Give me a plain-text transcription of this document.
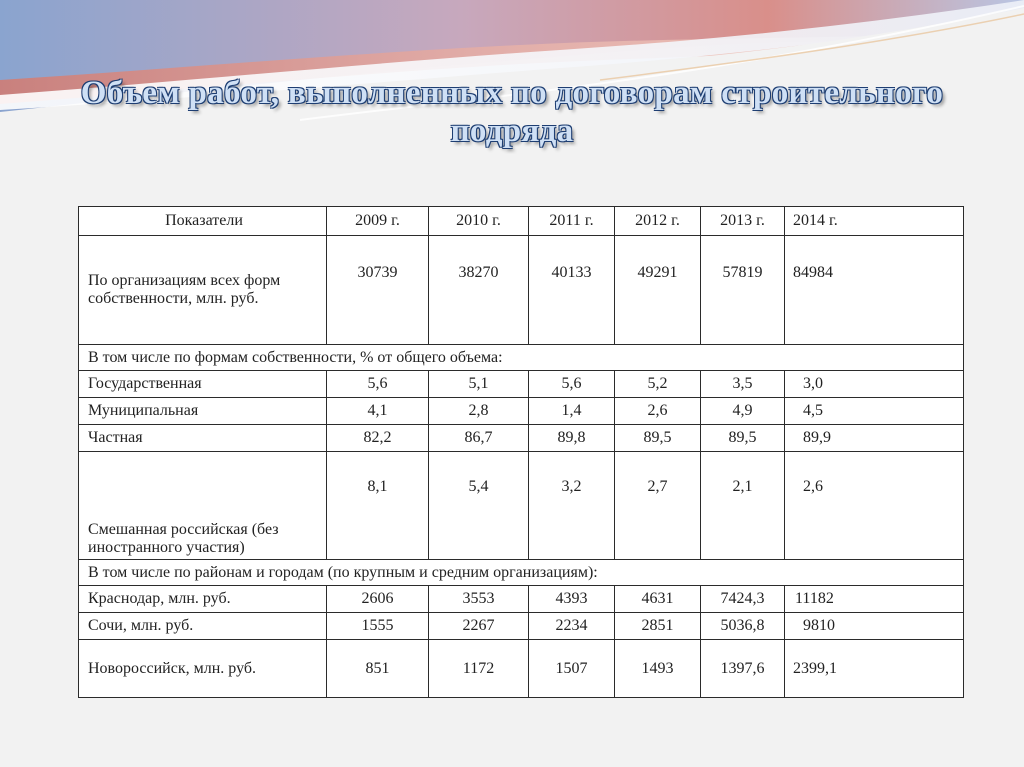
Объем работ, выполненных по договорам строительного подряда
Показатели	2009 г.	2010 г.	2011 г.	2012 г.	2013 г.	2014 г.
По организациям всех форм собственности, млн. руб.	30739	38270	40133	49291	57819	84984
В том числе по формам собственности, % от общего объема:						
Государственная	5,6	5,1	5,6	5,2	3,5	3,0
Муниципальная	4,1	2,8	1,4	2,6	4,9	4,5
Частная	82,2	86,7	89,8	89,5	89,5	89,9
Смешанная российская (без иностранного участия)	8,1	5,4	3,2	2,7	2,1	2,6
В том числе по районам и городам (по крупным и средним организациям):						
Краснодар, млн. руб.	2606	3553	4393	4631	7424,3	11182
Сочи, млн. руб.	1555	2267	2234	2851	5036,8	9810
Новороссийск, млн. руб.	851	1172	1507	1493	1397,6	2399,1
